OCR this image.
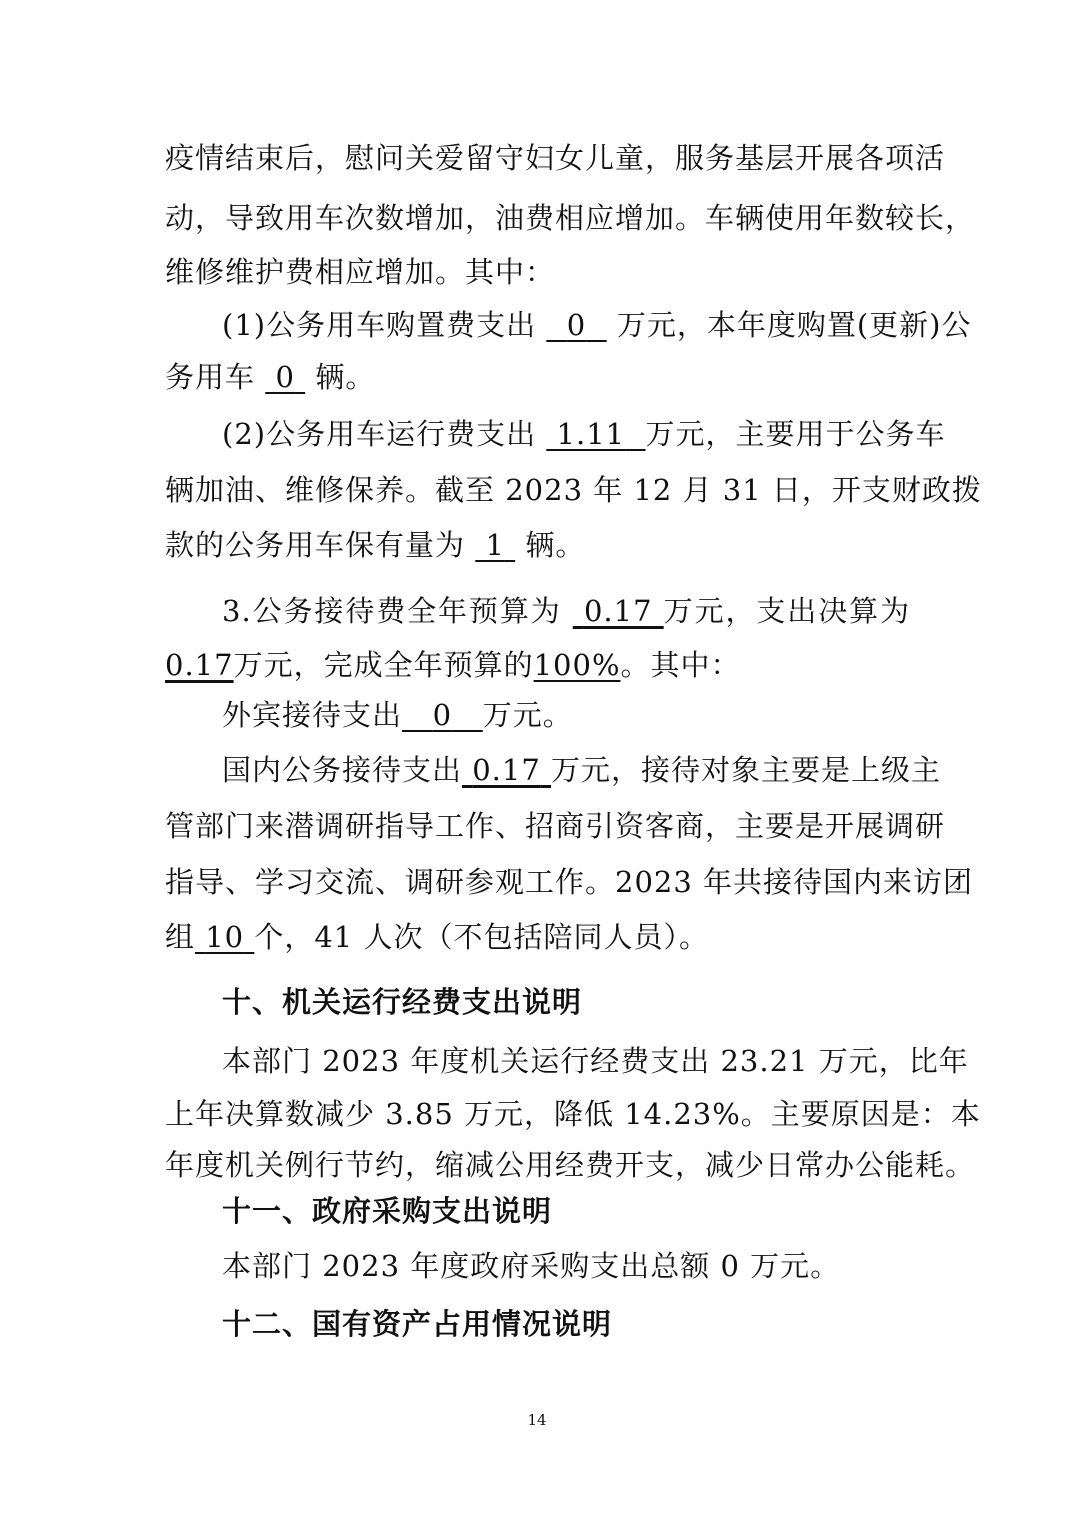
疫情结束后，慰问关爱留守妇女儿童，服务基层开展各项活
动，导致用车次数增加，油费相应增加。车辆使用年数较长，
维修维护费相应增加。其中：
(1)公务用车购置费支出 0 万元，本年度购置(更新)公
务用车 0 辆。
(2)公务用车运行费支出 1.11 万元，主要用于公务车
辆加油、维修保养。截至 2023 年 12 月 31 日，开支财政拨
款的公务用车保有量为 1 辆。
3.公务接待费全年预算为 0.17 万元，支出决算为
0.17万元，完成全年预算的100%。其中：
外宾接待支出 0 万元。
国内公务接待支出 0.17 万元，接待对象主要是上级主
管部门来潜调研指导工作、招商引资客商，主要是开展调研
指导、学习交流、调研参观工作。2023 年共接待国内来访团
组 10 个，41 人次（不包括陪同人员）。
十、机关运行经费支出说明
本部门 2023 年度机关运行经费支出 23.21 万元，比年
上年决算数减少 3.85 万元，降低 14.23%。主要原因是：本
年度机关例行节约，缩减公用经费开支，减少日常办公能耗。
十一、政府采购支出说明
本部门 2023 年度政府采购支出总额 0 万元。
十二、国有资产占用情况说明
14
